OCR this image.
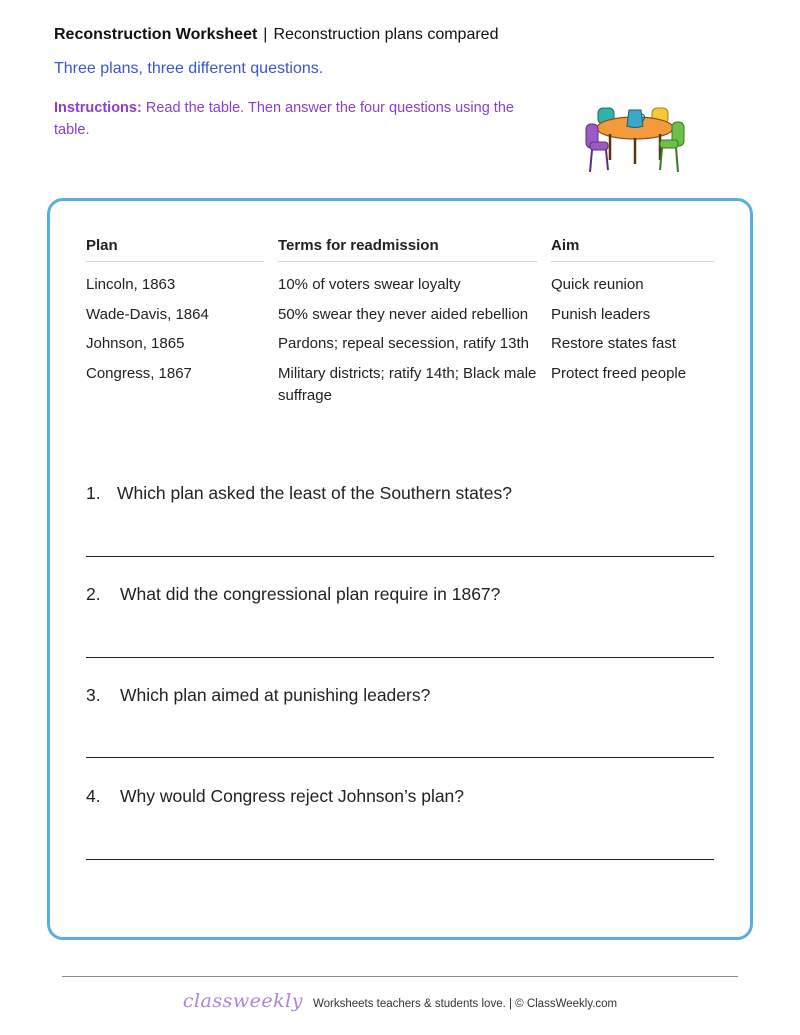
Reconstruction Worksheet | Reconstruction plans compared
Three plans, three different questions.
Instructions: Read the table. Then answer the four questions using the table.
Plan	Terms for readmission	Aim

Lincoln, 1863	10% of voters swear loyalty	Quick reunion
Wade-Davis, 1864	50% swear they never aided rebellion	Punish leaders
Johnson, 1865	Pardons; repeal secession, ratify 13th	Restore states fast
Congress, 1867	Military districts; ratify 14th; Black male suffrage	Protect freed people
1. Which plan asked the least of the Southern states?
2. What did the congressional plan require in 1867?
3. Which plan aimed at punishing leaders?
4. Why would Congress reject Johnson’s plan?
classweekly Worksheets teachers & students love. | © ClassWeekly.com
